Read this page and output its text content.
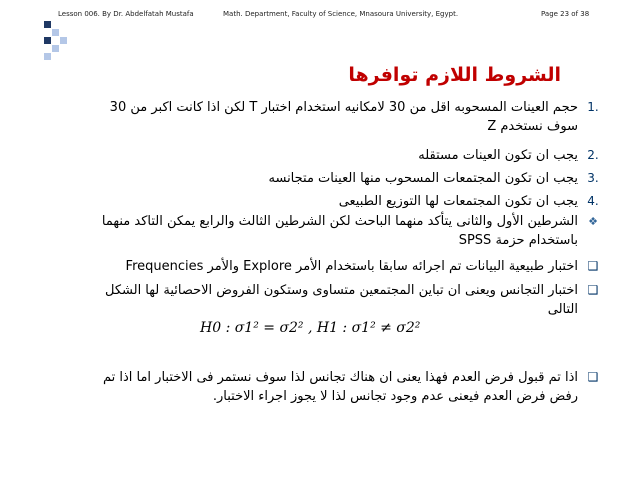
Lesson 006. By Dr. Abdelfatah Mustafa	Math. Department, Faculty of Science, Mnasoura University, Egypt.	Page 23 of 38
الشروط اللازم توافرها
1.
حجم العينات المسحوبه اقل من 30 لامكانيه استخدام اختبار T لكن اذا كانت اكبر من 30
سوف نستخدم Z
2.
يجب ان تكون العينات مستقله
3.
يجب ان تكون المجتمعات المسحوب منها العينات متجانسه
4.
يجب ان تكون المجتمعات لها التوزيع الطبيعى
❖
الشرطين الأول والثانى يتأكد منهما الباحث لكن الشرطين الثالث والرابع يمكن التاكد منهما
باستخدام حزمة SPSS
❑
اختبار طبيعية البيانات تم اجرائه سابقا باستخدام الأمر Explore والأمر Frequencies
❑
اختبار التجانس ويعنى ان تباين المجتمعين متساوى وستكون الفروض الاحصائية لها الشكل
التالى
H0 : σ1² = σ2² , H1 : σ1² ≠ σ2²
❑
اذا تم قبول فرض العدم فهذا يعنى ان هناك تجانس لذا سوف نستمر فى الاختبار اما اذا تم
رفض فرض العدم فيعنى عدم وجود تجانس لذا لا يجوز اجراء الاختبار.
